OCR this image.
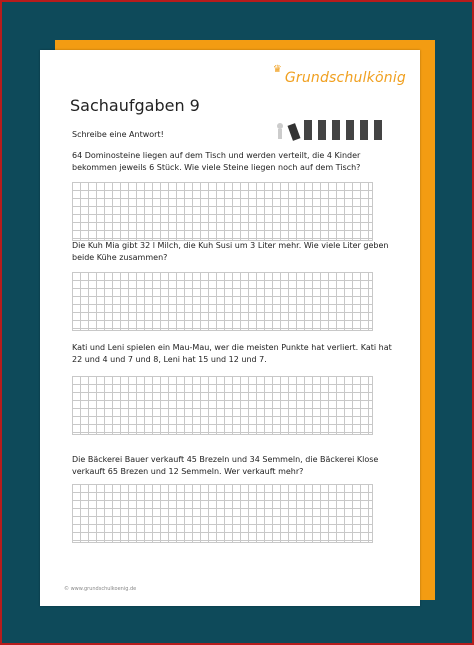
♛
Grundschulkönig
Sachaufgaben 9
Schreibe eine Antwort!
64 Dominosteine liegen auf dem Tisch und werden verteilt, die 4 Kinder bekommen jeweils 6 Stück. Wie viele Steine liegen noch auf dem Tisch?
Die Kuh Mia gibt 32 l Milch, die Kuh Susi um 3 Liter mehr. Wie viele Liter geben beide Kühe zusammen?
Kati und Leni spielen ein Mau-Mau, wer die meisten Punkte hat verliert. Kati hat 22 und 4 und 7 und 8, Leni hat 15 und 12 und 7.
Die Bäckerei Bauer verkauft 45 Brezeln und 34 Semmeln, die Bäckerei Klose verkauft 65 Brezen und 12 Semmeln. Wer verkauft mehr?
© www.grundschulkoenig.de
